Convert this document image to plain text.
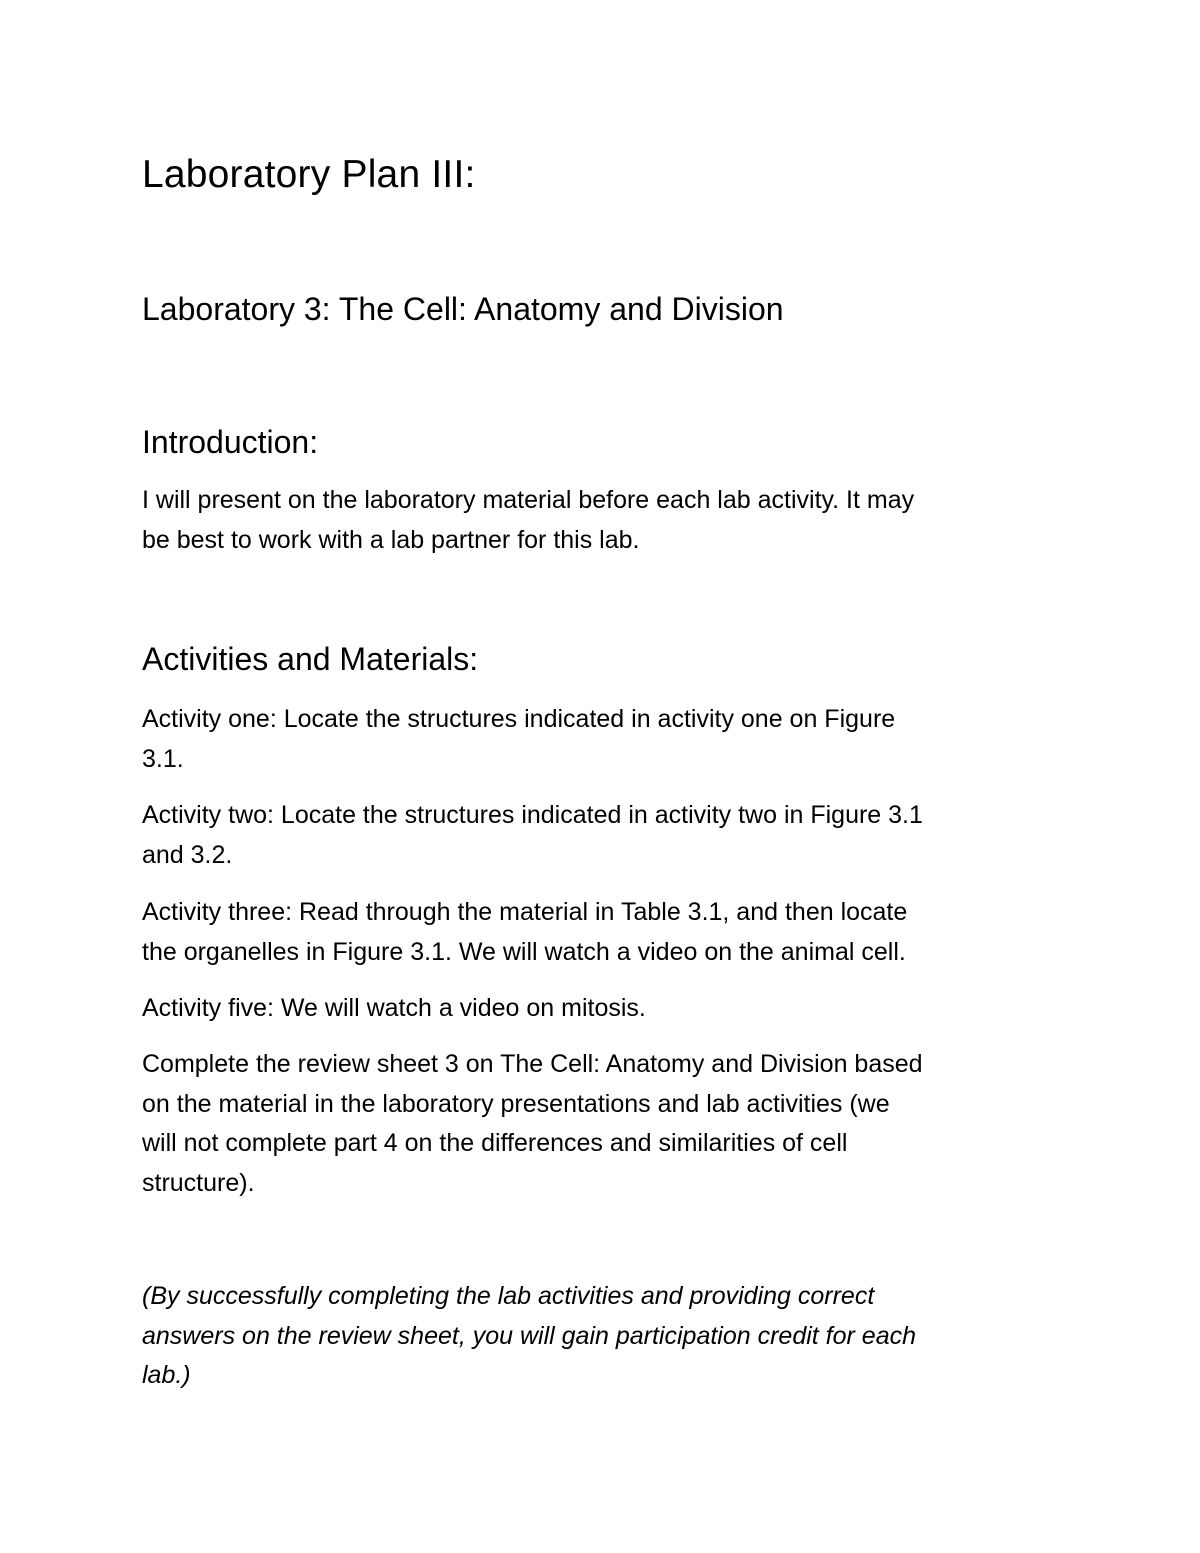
Laboratory Plan III:
Laboratory 3: The Cell: Anatomy and Division
Introduction:
I will present on the laboratory material before each lab activity. It may
be best to work with a lab partner for this lab.
Activities and Materials:
Activity one: Locate the structures indicated in activity one on Figure
3.1.
Activity two: Locate the structures indicated in activity two in Figure 3.1
and 3.2.
Activity three: Read through the material in Table 3.1, and then locate
the organelles in Figure 3.1. We will watch a video on the animal cell.
Activity five: We will watch a video on mitosis.
Complete the review sheet 3 on The Cell: Anatomy and Division based
on the material in the laboratory presentations and lab activities (we
will not complete part 4 on the differences and similarities of cell
structure).
(By successfully completing the lab activities and providing correct
answers on the review sheet, you will gain participation credit for each
lab.)
